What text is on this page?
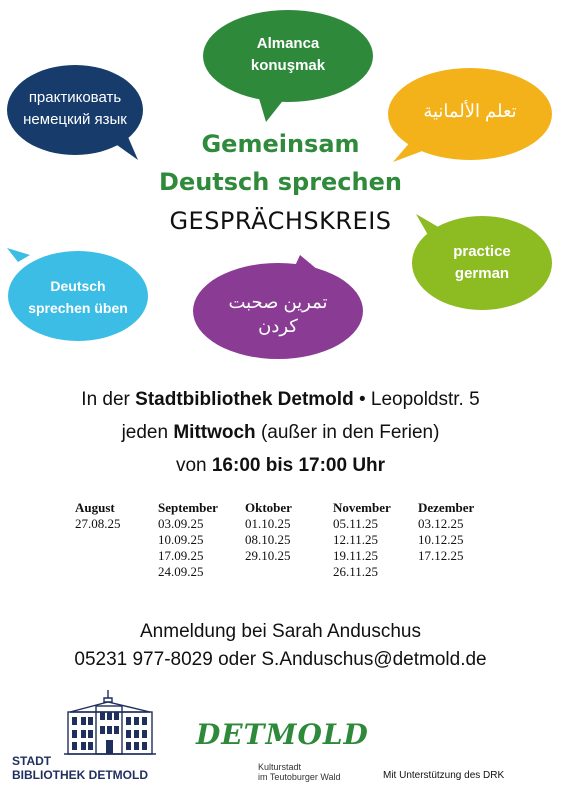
практиковать
немецкий язык
Almanca
konuşmak
تعلم الألمانية
practice
german
Deutsch
sprechen üben	تمرین صحبت
کردن
Gemeinsam
Deutsch sprechen
GESPRÄCHSKREIS
In der Stadtbibliothek Detmold • Leopoldstr. 5
jeden Mittwoch (außer in den Ferien)
von 16:00 bis 17:00 Uhr
August
27.08.25
September
03.09.25
10.09.25
17.09.25
24.09.25
Oktober
01.10.25
08.10.25
29.10.25
November
05.11.25
12.11.25
19.11.25
26.11.25
Dezember
03.12.25
10.12.25
17.12.25
Anmeldung bei Sarah Anduschus
05231 977-8029 oder S.Anduschus@detmold.de
STADT
BIBLIOTHEK DETMOLD
DETMOLD
Kulturstadt
im Teutoburger Wald	Mit Unterstützung des DRK
